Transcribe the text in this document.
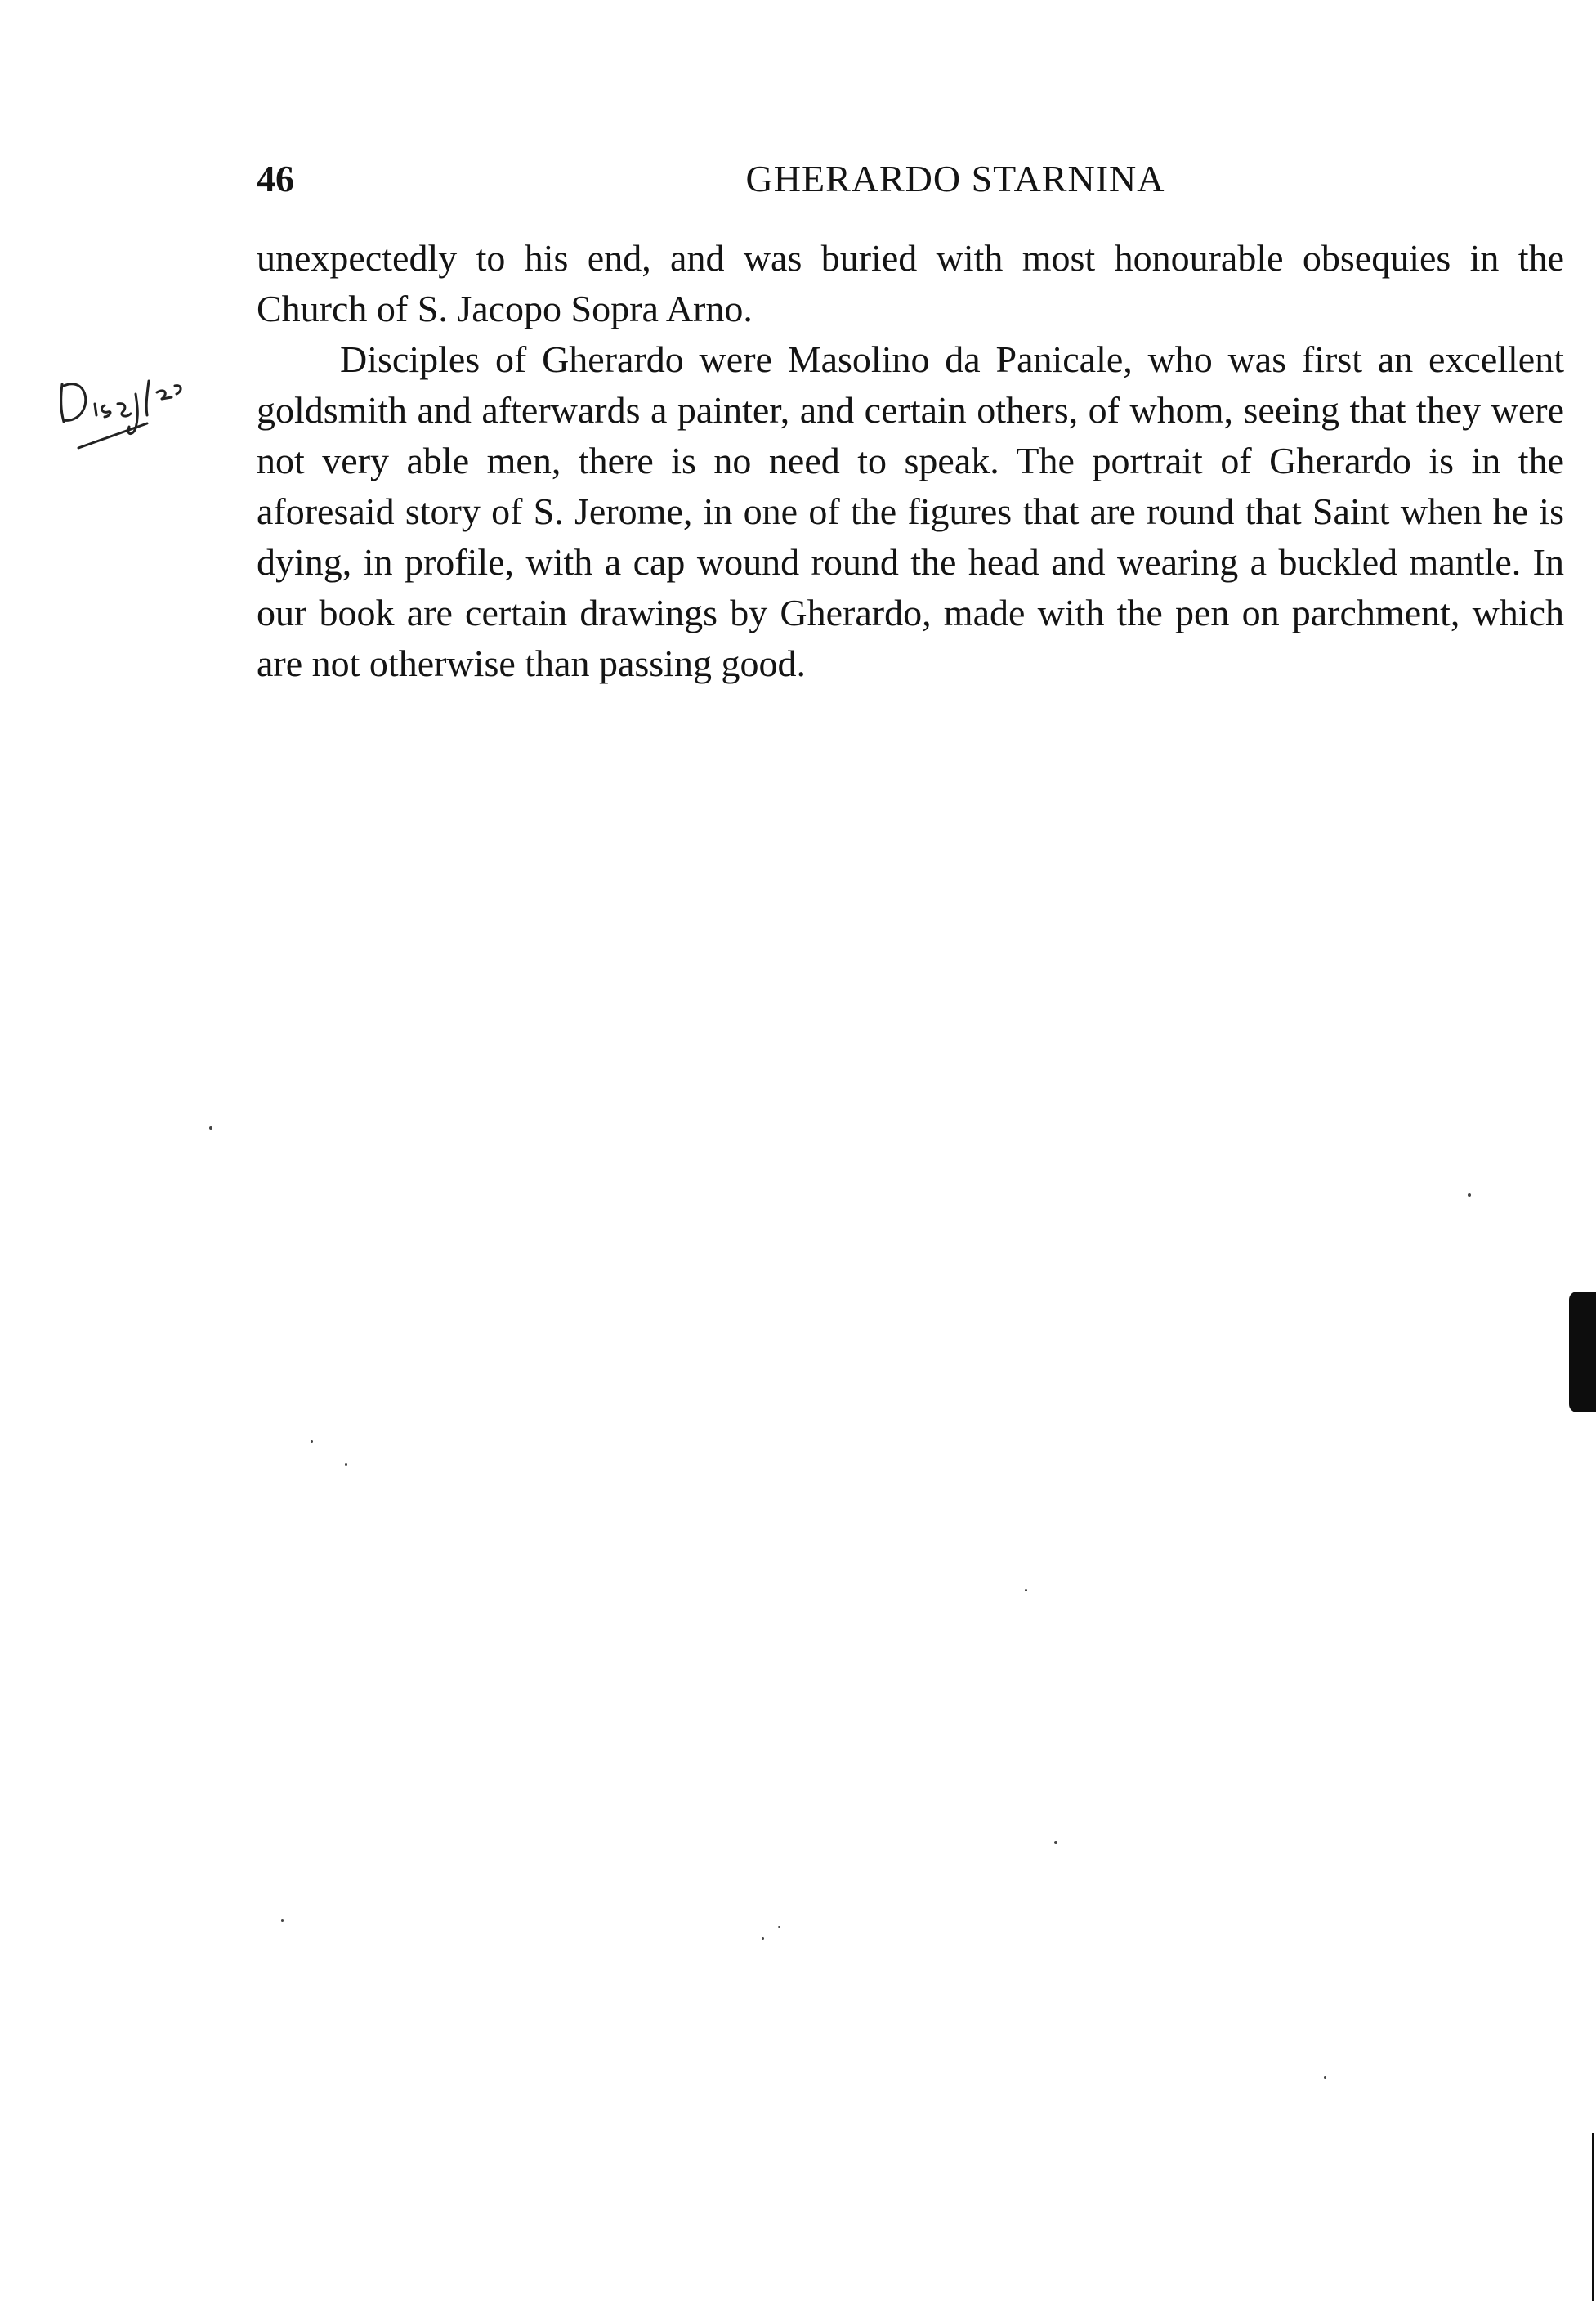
46	GHERARDO STARNINA

unexpectedly to his end, and was buried with most honourable obsequies in the Church of S. Jacopo Sopra Arno.

Disciples of Gherardo were Masolino da Panicale, who was first an excellent goldsmith and afterwards a painter, and certain others, of whom, seeing that they were not very able men, there is no need to speak. The portrait of Gherardo is in the aforesaid story of S. Jerome, in one of the figures that are round that Saint when he is dying, in profile, with a cap wound round the head and wearing a buckled mantle. In our book are certain drawings by Gherardo, made with the pen on parchment, which are not otherwise than passing good.
